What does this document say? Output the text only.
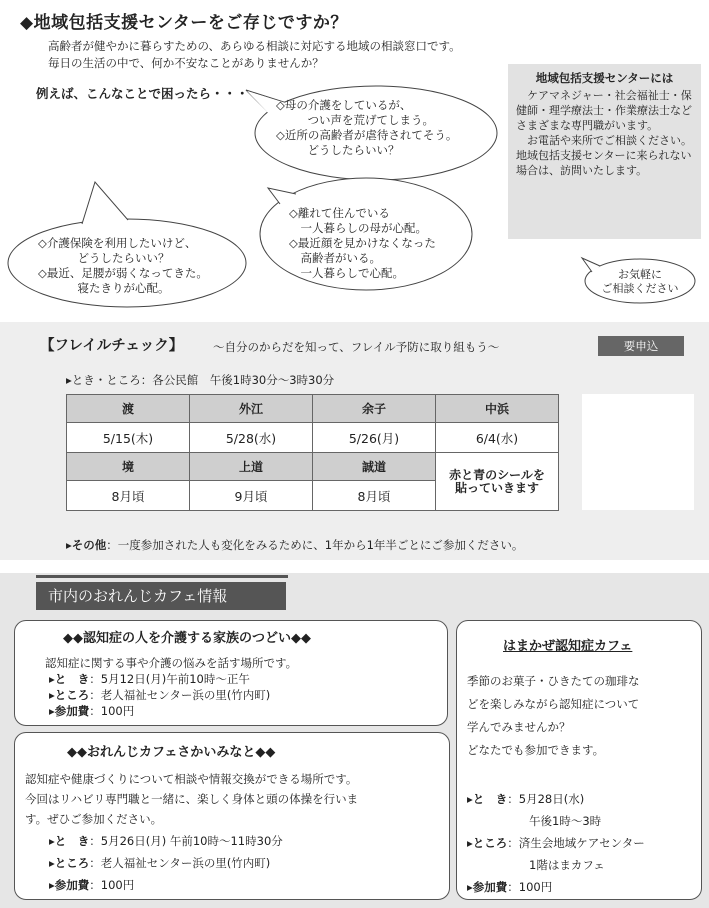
◆地域包括支援センターをご存じですか？
高齢者が健やかに暮らすための、あらゆる相談に対応する地域の相談窓口です。
毎日の生活の中で、何か不安なことがありませんか？
例えば、こんなことで困ったら・・・
◇母の介護をしているが、
　つい声を荒げてしまう。
◇近所の高齢者が虐待されてそう。
　どうしたらいい？
◇離れて住んでいる
　一人暮らしの母が心配。
◇最近顔を見かけなくなった
　高齢者がいる。
　一人暮らしで心配。
◇介護保険を利用したいけど、
　どうしたらいい？
◇最近、足腰が弱くなってきた。
　寝たきりが心配。
地域包括支援センターには
ケアマネジャー・社会福祉士・保健師・理学療法士・作業療法士などさまざまな専門職がいます。
お電話や来所でご相談ください。地域包括支援センターに来られない場合は、訪問いたします。
お気軽に
ご相談ください
【フレイルチェック】	～自分のからだを知って、フレイル予防に取り組もう～	要申込
▸とき・ところ：各公民館　午後1時30分～3時30分
渡	外江	余子	中浜
5/15(木)	5/28(水)	5/26(月)	6/4(水)
境	上道	誠道	赤と青のシールを
貼っていきます

8月頃	9月頃	8月頃	
▸その他：一度参加された人も変化をみるために、1年から1年半ごとにご参加ください。
市内のおれんじカフェ情報
◆◆認知症の人を介護する家族のつどい◆◆
認知症に関する事や介護の悩みを話す場所です。
▸と　き：5月12日(月)午前10時～正午
▸ところ：老人福祉センター浜の里(竹内町)
▸参加費：100円
◆◆おれんじカフェさかいみなと◆◆
認知症や健康づくりについて相談や情報交換ができる場所です。
今回はリハビリ専門職と一緒に、楽しく身体と頭の体操を行いま
す。ぜひご参加ください。
▸と　き：5月26日(月) 午前10時～11時30分
▸ところ：老人福祉センター浜の里(竹内町)
▸参加費：100円
はまかぜ認知症カフェ
季節のお菓子・ひきたての珈琲な
どを楽しみながら認知症について
学んでみませんか？
どなたでも参加できます。
▸と　き：5月28日(水)
午後1時～3時
▸ところ：済生会地域ケアセンター
1階はまカフェ
▸参加費：100円
